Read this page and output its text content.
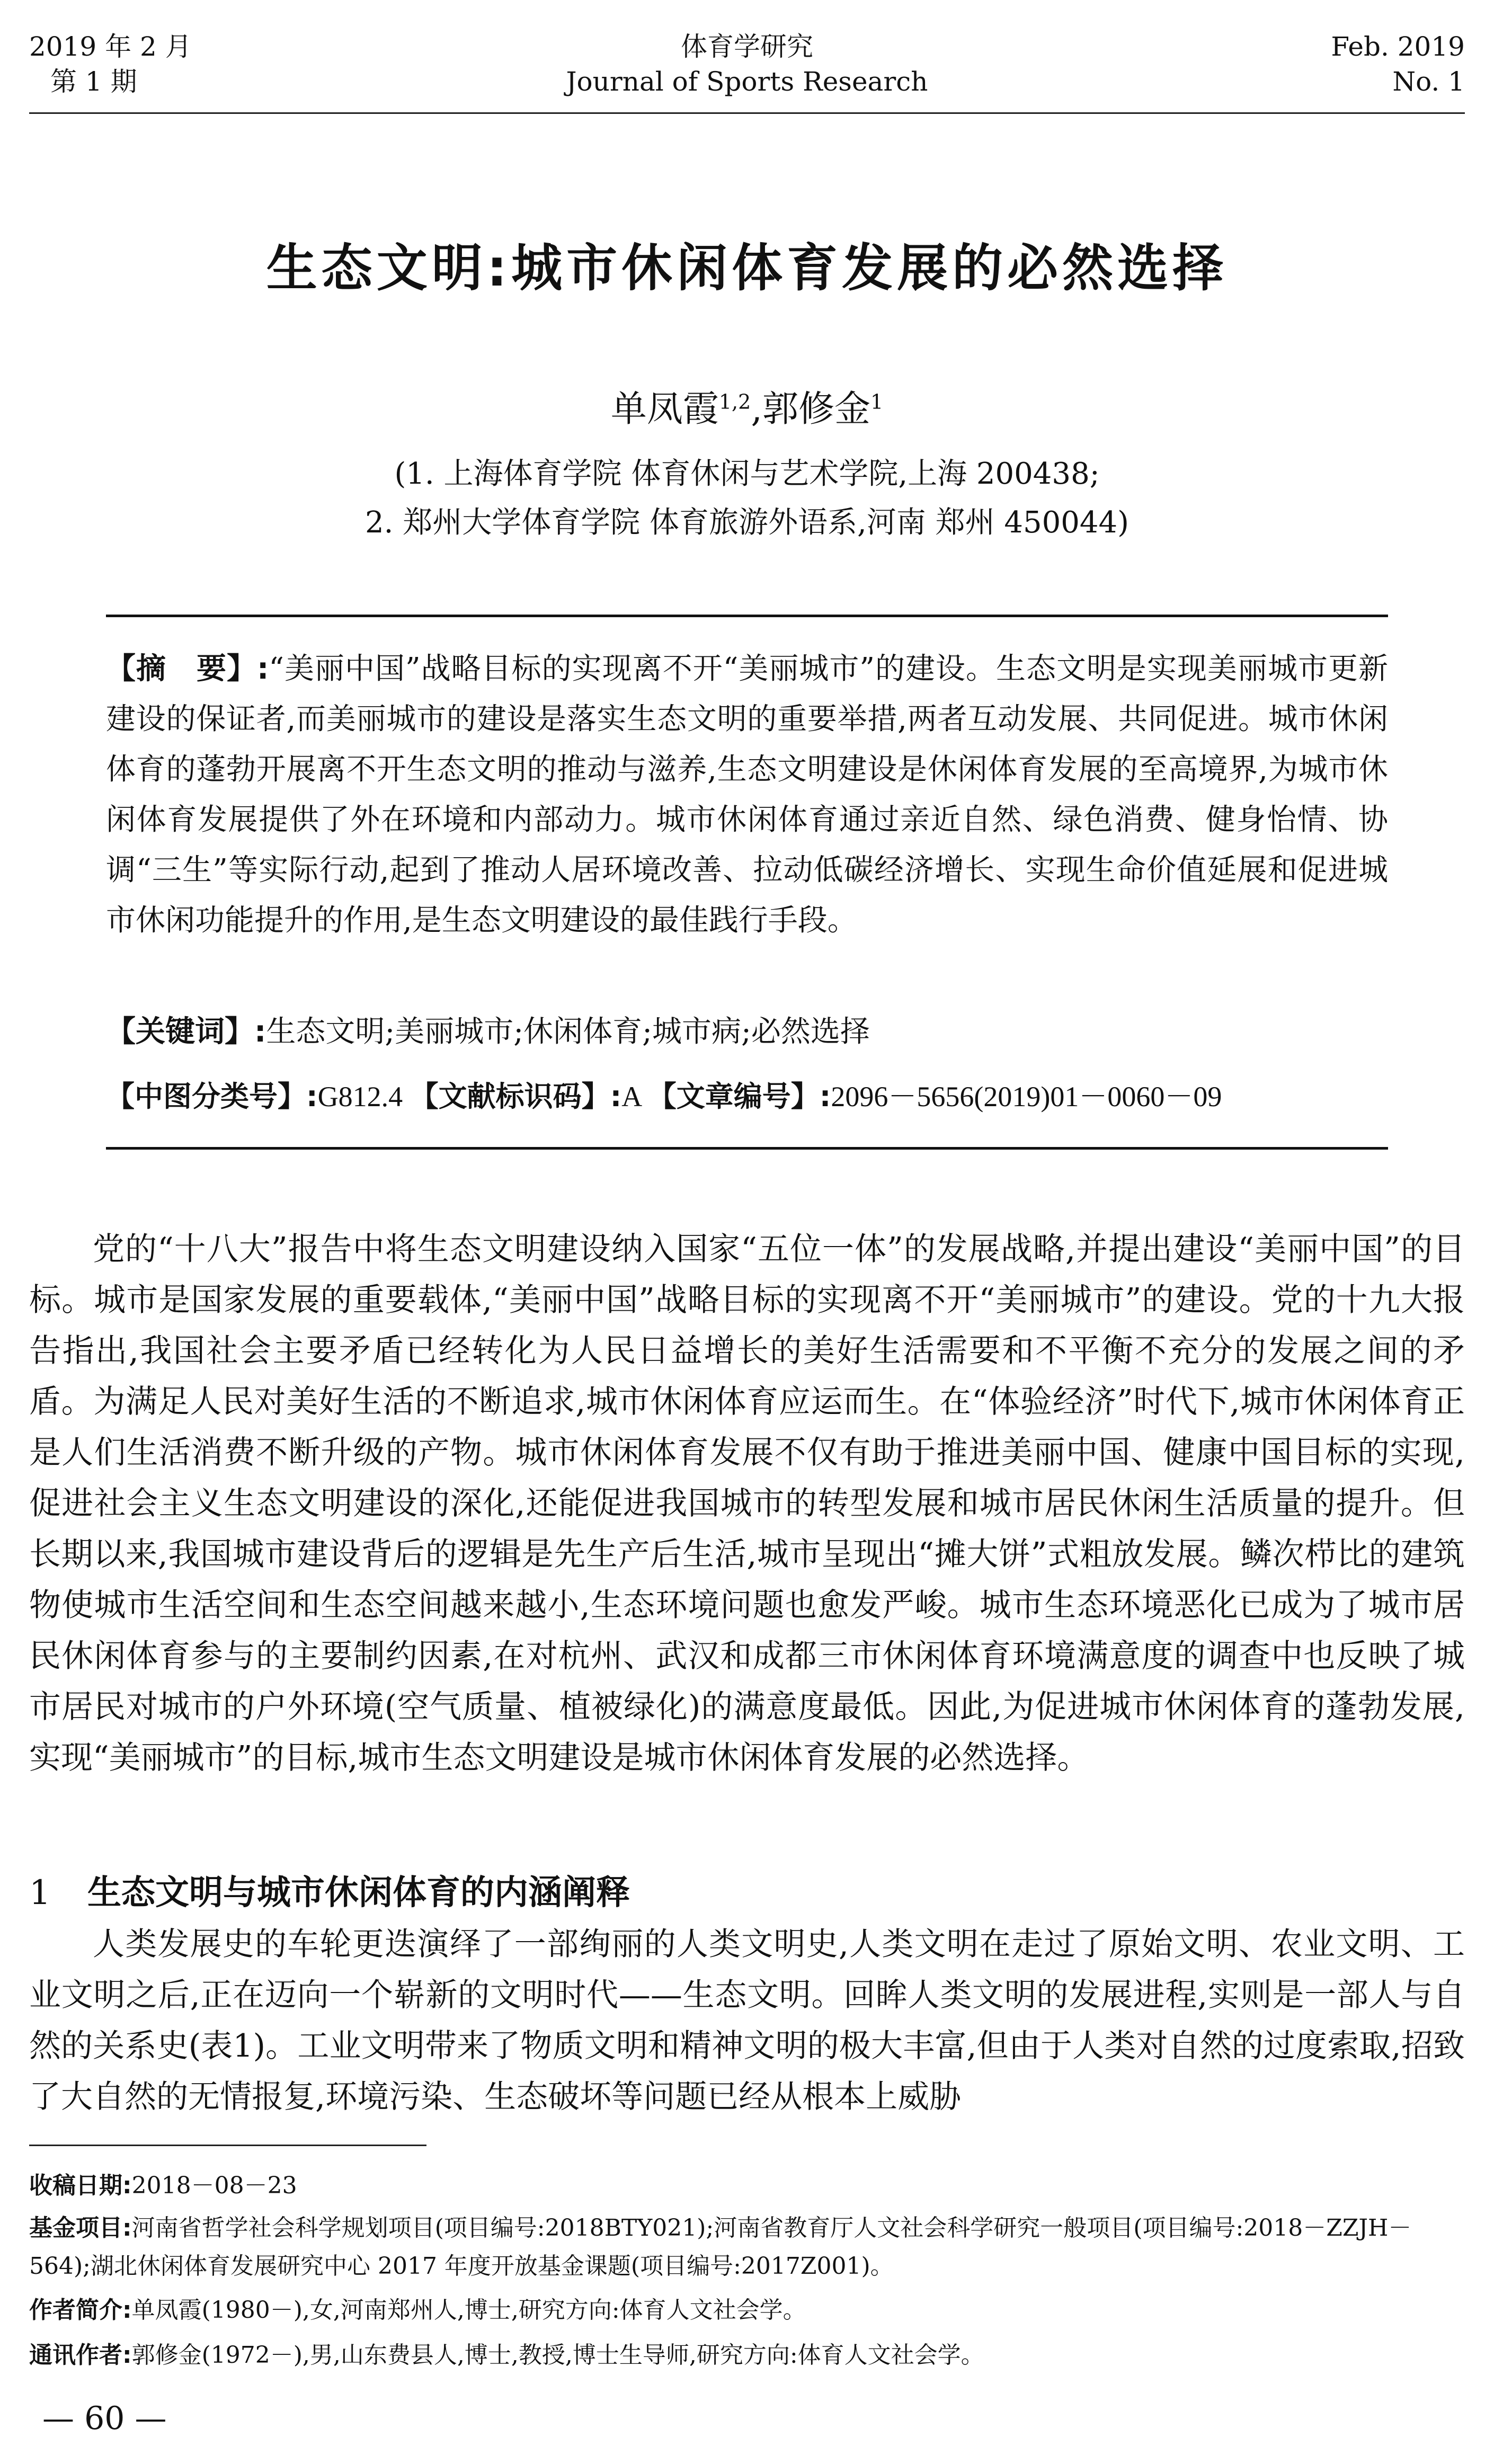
2019 年 2 月
第 1 期
体育学研究
Journal of Sports Research
Feb. 2019
No. 1
生态文明:城市休闲体育发展的必然选择
单凤霞$^{1,2}$,郭修金$^1$
(1. 上海体育学院 体育休闲与艺术学院,上海 200438;
2. 郑州大学体育学院 体育旅游外语系,河南 郑州 450044)

【摘　要】:“美丽中国”战略目标的实现离不开“美丽城市”的建设。生态文明是实现美丽城市更新建设的保证者,而美丽城市的建设是落实生态文明的重要举措,两者互动发展、共同促进。城市休闲体育的蓬勃开展离不开生态文明的推动与滋养,生态文明建设是休闲体育发展的至高境界,为城市休闲体育发展提供了外在环境和内部动力。城市休闲体育通过亲近自然、绿色消费、健身怡情、协调“三生”等实际行动,起到了推动人居环境改善、拉动低碳经济增长、实现生命价值延展和促进城市休闲功能提升的作用,是生态文明建设的最佳践行手段。

【关键词】:生态文明;美丽城市;休闲体育;城市病;必然选择
【中图分类号】:G812.4 【文献标识码】:A 【文章编号】:2096－5656(2019)01－0060－09

党的“十八大”报告中将生态文明建设纳入国家“五位一体”的发展战略,并提出建设“美丽中国”的目标。城市是国家发展的重要载体,“美丽中国”战略目标的实现离不开“美丽城市”的建设。党的十九大报告指出,我国社会主要矛盾已经转化为人民日益增长的美好生活需要和不平衡不充分的发展之间的矛盾。为满足人民对美好生活的不断追求,城市休闲体育应运而生。在“体验经济”时代下,城市休闲体育正是人们生活消费不断升级的产物。城市休闲体育发展不仅有助于推进美丽中国、健康中国目标的实现,促进社会主义生态文明建设的深化,还能促进我国城市的转型发展和城市居民休闲生活质量的提升。但长期以来,我国城市建设背后的逻辑是先生产后生活,城市呈现出“摊大饼”式粗放发展。鳞次栉比的建筑物使城市生活空间和生态空间越来越小,生态环境问题也愈发严峻。城市生态环境恶化已成为了城市居民休闲体育参与的主要制约因素,在对杭州、武汉和成都三市休闲体育环境满意度的调查中也反映了城市居民对城市的户外环境(空气质量、植被绿化)的满意度最低。因此,为促进城市休闲体育的蓬勃发展,实现“美丽城市”的目标,城市生态文明建设是城市休闲体育发展的必然选择。

1 生态文明与城市休闲体育的内涵阐释

人类发展史的车轮更迭演绎了一部绚丽的人类文明史,人类文明在走过了原始文明、农业文明、工业文明之后,正在迈向一个崭新的文明时代——生态文明。回眸人类文明的发展进程,实则是一部人与自然的关系史(表1)。工业文明带来了物质文明和精神文明的极大丰富,但由于人类对自然的过度索取,招致了大自然的无情报复,环境污染、生态破坏等问题已经从根本上威胁

收稿日期:2018－08－23

基金项目:河南省哲学社会科学规划项目(项目编号:2018BTY021);河南省教育厅人文社会科学研究一般项目(项目编号:2018－ZZJH－564);湖北休闲体育发展研究中心 2017 年度开放基金课题(项目编号:2017Z001)。

作者简介:单凤霞(1980－),女,河南郑州人,博士,研究方向:体育人文社会学。

通讯作者:郭修金(1972－),男,山东费县人,博士,教授,博士生导师,研究方向:体育人文社会学。

— 60 —
